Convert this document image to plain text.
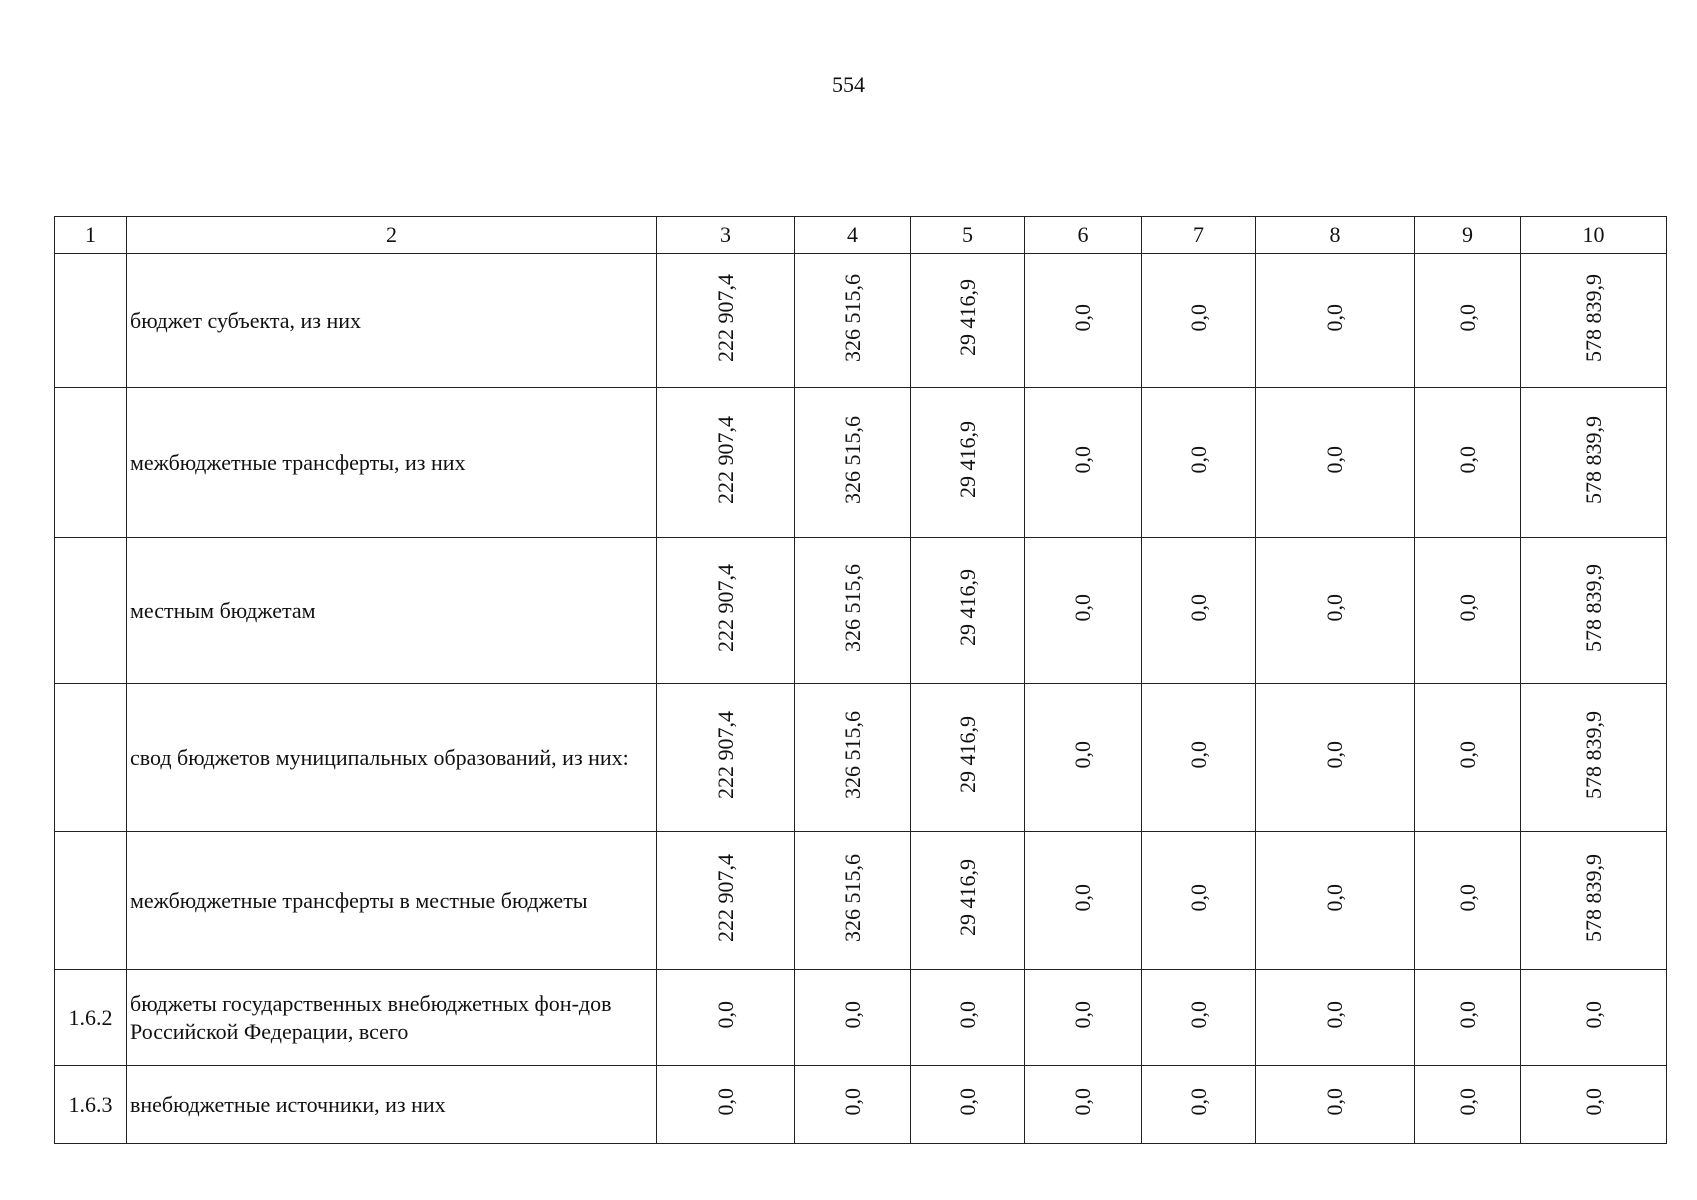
554
1	2	3	4	5	6	7	8	9	10
	бюджет субъекта, из них	222 907,4	326 515,6	29 416,9	0,0	0,0	0,0	0,0	578 839,9
	межбюджетные трансферты, из них	222 907,4	326 515,6	29 416,9	0,0	0,0	0,0	0,0	578 839,9
	местным бюджетам	222 907,4	326 515,6	29 416,9	0,0	0,0	0,0	0,0	578 839,9
	свод бюджетов муниципальных образований, из них:	222 907,4	326 515,6	29 416,9	0,0	0,0	0,0	0,0	578 839,9
	межбюджетные трансферты в местные бюджеты	222 907,4	326 515,6	29 416,9	0,0	0,0	0,0	0,0	578 839,9
1.6.2	бюджеты государственных внебюджетных фон-дов Российской Федерации, всего	0,0	0,0	0,0	0,0	0,0	0,0	0,0	0,0
1.6.3	внебюджетные источники, из них	0,0	0,0	0,0	0,0	0,0	0,0	0,0	0,0
